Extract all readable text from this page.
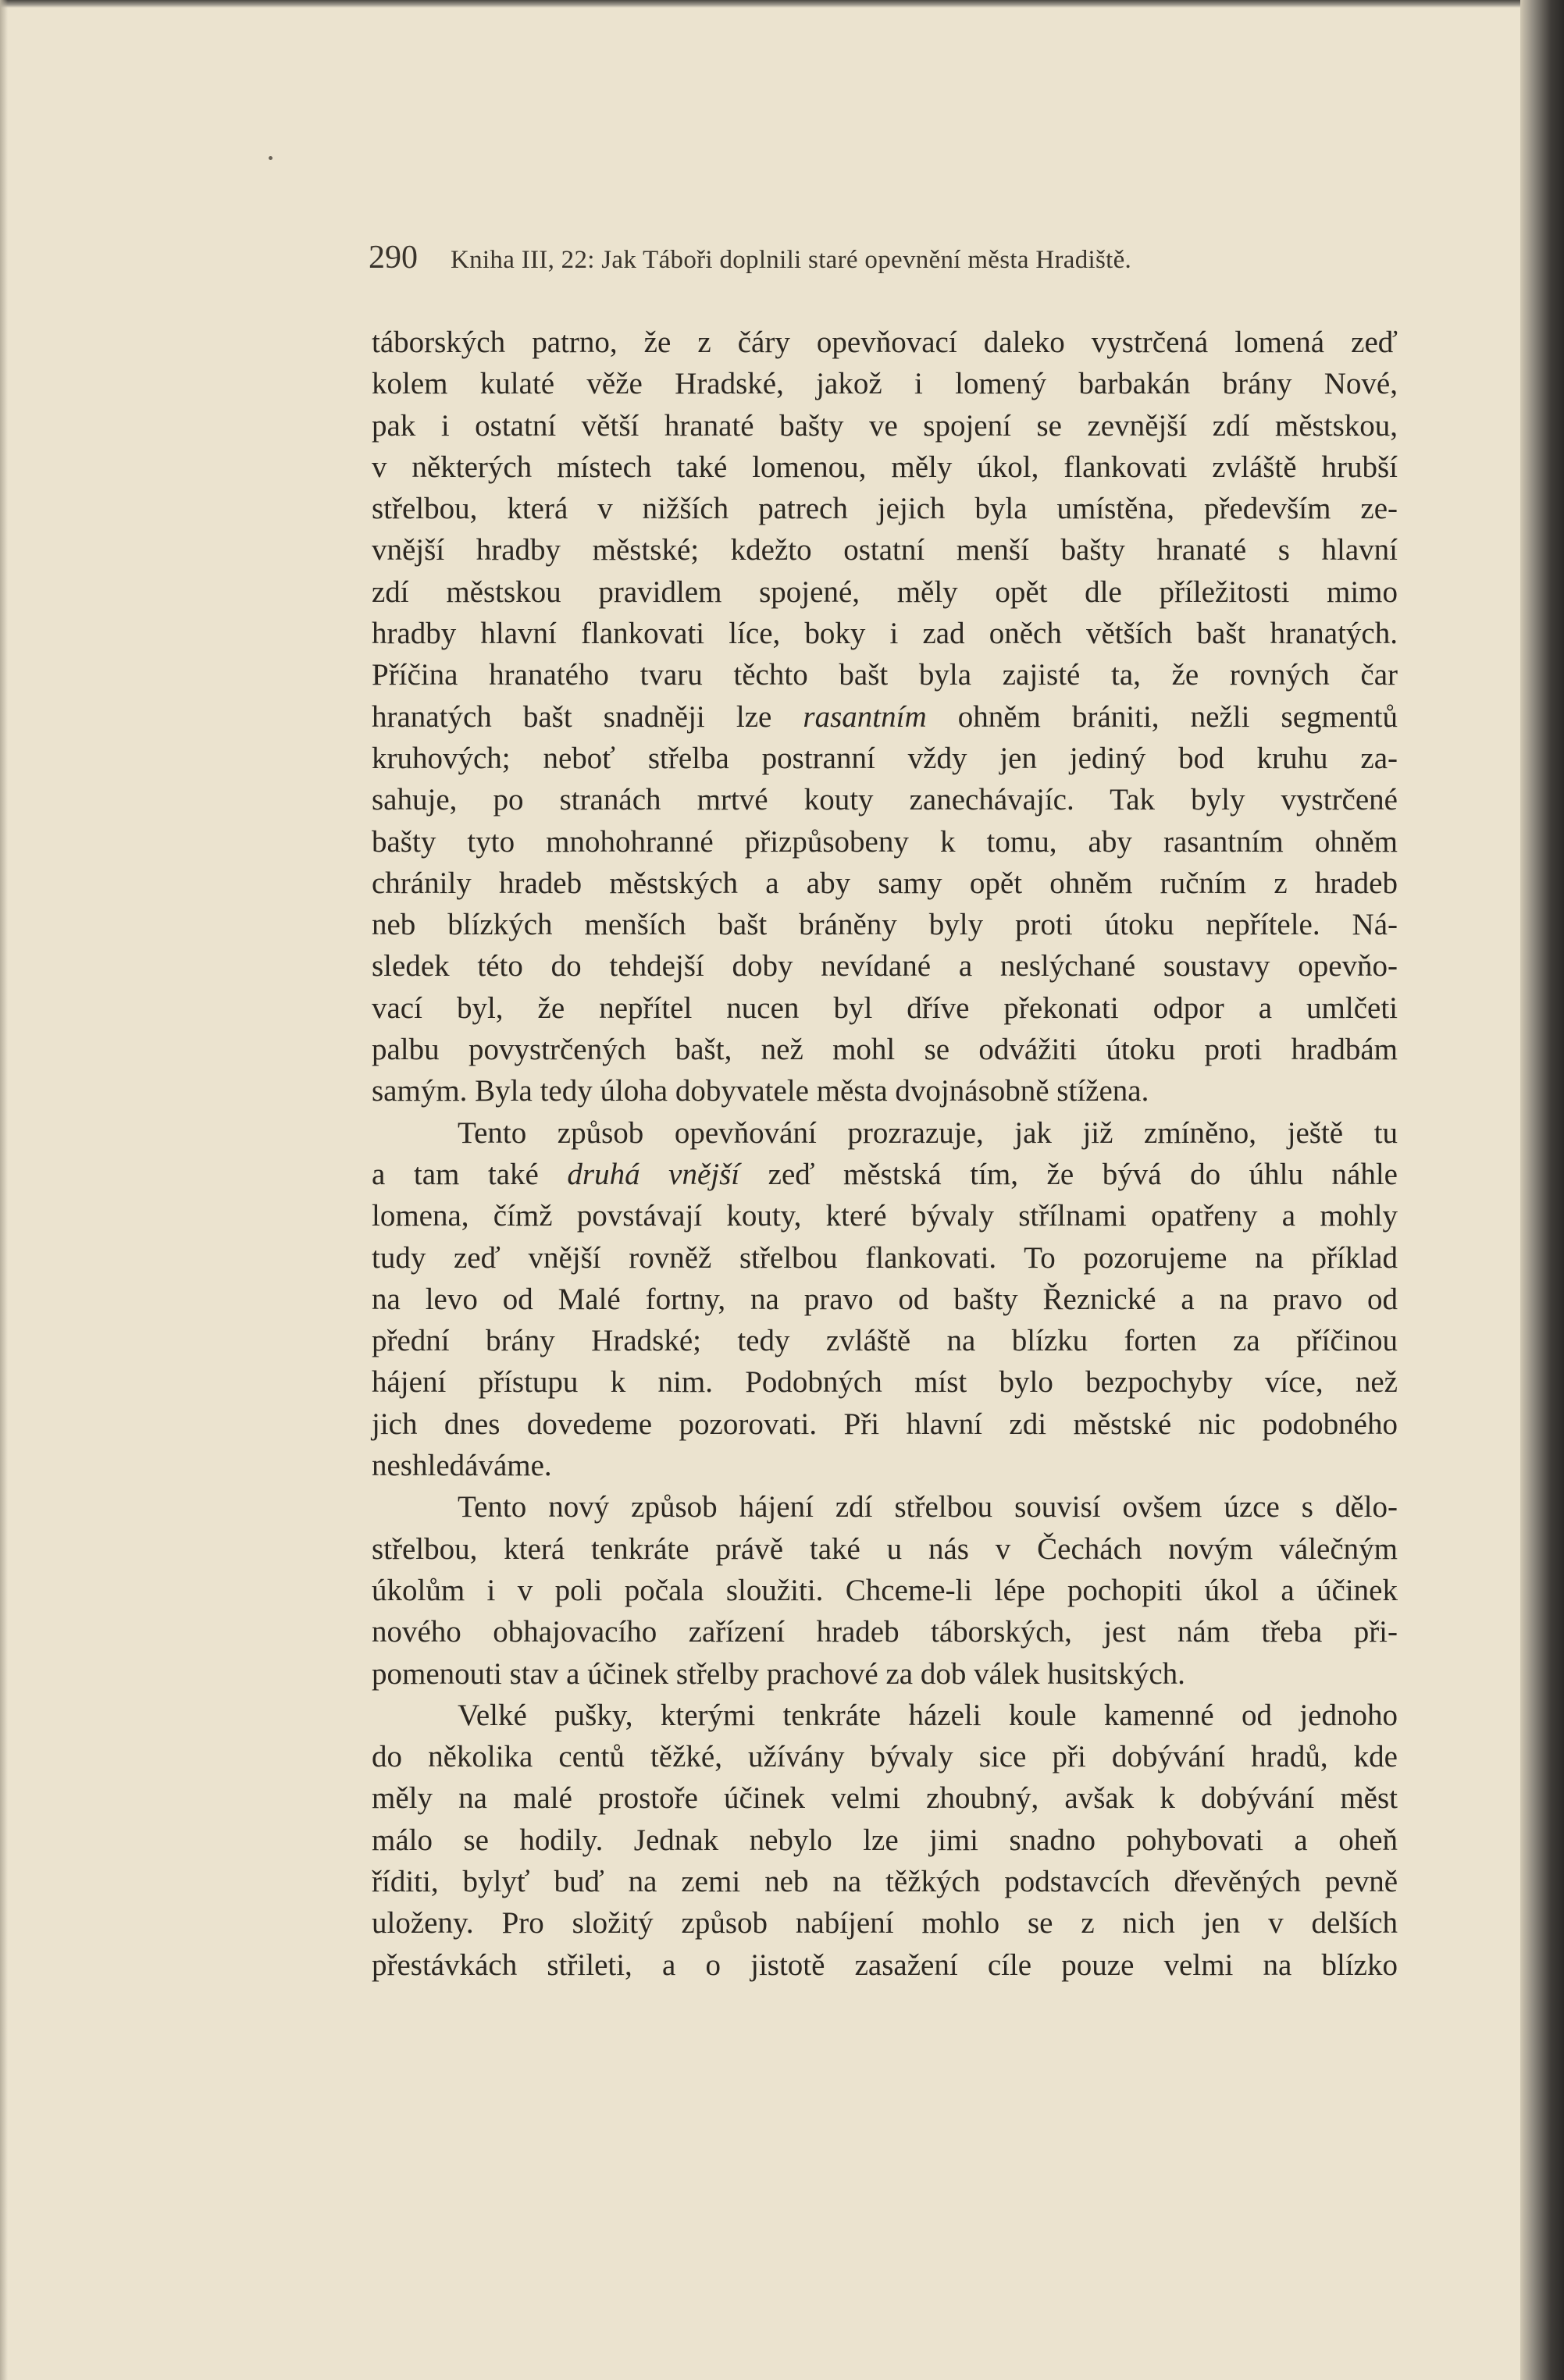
290 Kniha III, 22: Jak Táboři doplnili staré opevnění města Hradiště.
táborských patrno, že z čáry opevňovací daleko vystrčená lomená zeď
kolem kulaté věže Hradské, jakož i lomený barbakán brány Nové,
pak i ostatní větší hranaté bašty ve spojení se zevnější zdí městskou,
v některých místech také lomenou, měly úkol, flankovati zvláště hrubší
střelbou, která v nižších patrech jejich byla umístěna, především ze-
vnější hradby městské; kdežto ostatní menší bašty hranaté s hlavní
zdí městskou pravidlem spojené, měly opět dle příležitosti mimo
hradby hlavní flankovati líce, boky i zad oněch větších bašt hranatých.
Příčina hranatého tvaru těchto bašt byla zajisté ta, že rovných čar
hranatých bašt snadněji lze rasantním ohněm brániti, nežli segmentů
kruhových; neboť střelba postranní vždy jen jediný bod kruhu za-
sahuje, po stranách mrtvé kouty zanechávajíc. Tak byly vystrčené
bašty tyto mnohohranné přizpůsobeny k tomu, aby rasantním ohněm
chránily hradeb městských a aby samy opět ohněm ručním z hradeb
neb blízkých menších bašt bráněny byly proti útoku nepřítele. Ná-
sledek této do tehdejší doby nevídané a neslýchané soustavy opevňo-
vací byl, že nepřítel nucen byl dříve překonati odpor a umlčeti
palbu povystrčených bašt, než mohl se odvážiti útoku proti hradbám
samým. Byla tedy úloha dobyvatele města dvojnásobně stížena.
Tento způsob opevňování prozrazuje, jak již zmíněno, ještě tu
a tam také druhá vnější zeď městská tím, že bývá do úhlu náhle
lomena, čímž povstávají kouty, které bývaly střílnami opatřeny a mohly
tudy zeď vnější rovněž střelbou flankovati. To pozorujeme na příklad
na levo od Malé fortny, na pravo od bašty Řeznické a na pravo od
přední brány Hradské; tedy zvláště na blízku forten za příčinou
hájení přístupu k nim. Podobných míst bylo bezpochyby více, než
jich dnes dovedeme pozorovati. Při hlavní zdi městské nic podobného
neshledáváme.
Tento nový způsob hájení zdí střelbou souvisí ovšem úzce s dělo-
střelbou, která tenkráte právě také u nás v Čechách novým válečným
úkolům i v poli počala sloužiti. Chceme-li lépe pochopiti úkol a účinek
nového obhajovacího zařízení hradeb táborských, jest nám třeba při-
pomenouti stav a účinek střelby prachové za dob válek husitských.
Velké pušky, kterými tenkráte házeli koule kamenné od jednoho
do několika centů těžké, užívány bývaly sice při dobývání hradů, kde
měly na malé prostoře účinek velmi zhoubný, avšak k dobývání měst
málo se hodily. Jednak nebylo lze jimi snadno pohybovati a oheň
říditi, bylyť buď na zemi neb na těžkých podstavcích dřevěných pevně
uloženy. Pro složitý způsob nabíjení mohlo se z nich jen v delších
přestávkách střileti, a o jistotě zasažení cíle pouze velmi na blízko
